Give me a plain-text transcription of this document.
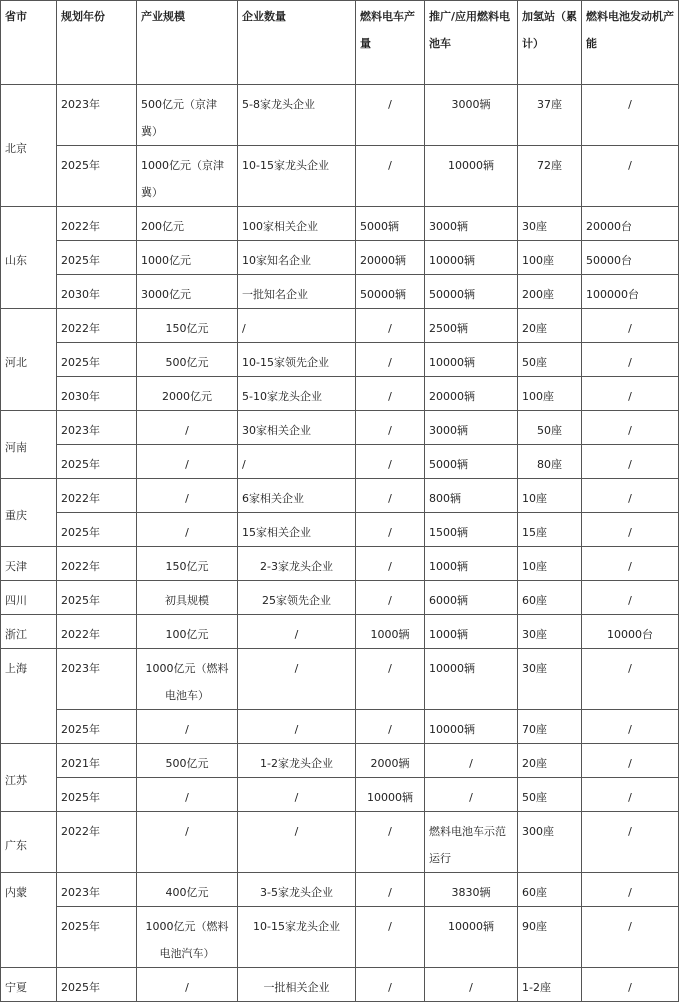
省市	规划年份	产业规模	企业数量	燃料电车产量	推广/应用燃料电池车	加氢站（累计）	燃料电池发动机产能
北京	2023年	500亿元（京津冀）	5-8家龙头企业	/	3000辆	37座	/
	2025年	1000亿元（京津冀）	10-15家龙头企业	/	10000辆	72座	/
山东	2022年	200亿元	100家相关企业	5000辆	3000辆	30座	20000台
	2025年	1000亿元	10家知名企业	20000辆	10000辆	100座	50000台
	2030年	3000亿元	一批知名企业	50000辆	50000辆	200座	100000台
河北	2022年	150亿元	/	/	2500辆	20座	/
	2025年	500亿元	10-15家领先企业	/	10000辆	50座	/
	2030年	2000亿元	5-10家龙头企业	/	20000辆	100座	/
河南	2023年	/	30家相关企业	/	3000辆	50座	/
	2025年	/	/	/	5000辆	80座	/
重庆	2022年	/	6家相关企业	/	800辆	10座	/
	2025年	/	15家相关企业	/	1500辆	15座	/
天津	2022年	150亿元	2-3家龙头企业	/	1000辆	10座	/
四川	2025年	初具规模	25家领先企业	/	6000辆	60座	/
浙江	2022年	100亿元	/	1000辆	1000辆	30座	10000台
上海	2023年	1000亿元（燃料电池车）	/	/	10000辆	30座	/
	2025年	/	/	/	10000辆	70座	/
江苏	2021年	500亿元	1-2家龙头企业	2000辆	/	20座	/
	2025年	/	/	10000辆	/	50座	/
广东	2022年	/	/	/	燃料电池车示范运行	300座	/
内蒙	2023年	400亿元	3-5家龙头企业	/	3830辆	60座	/
	2025年	1000亿元（燃料电池汽车）	10-15家龙头企业	/	10000辆	90座	/
宁夏	2025年	/	一批相关企业	/	/	1-2座	/
